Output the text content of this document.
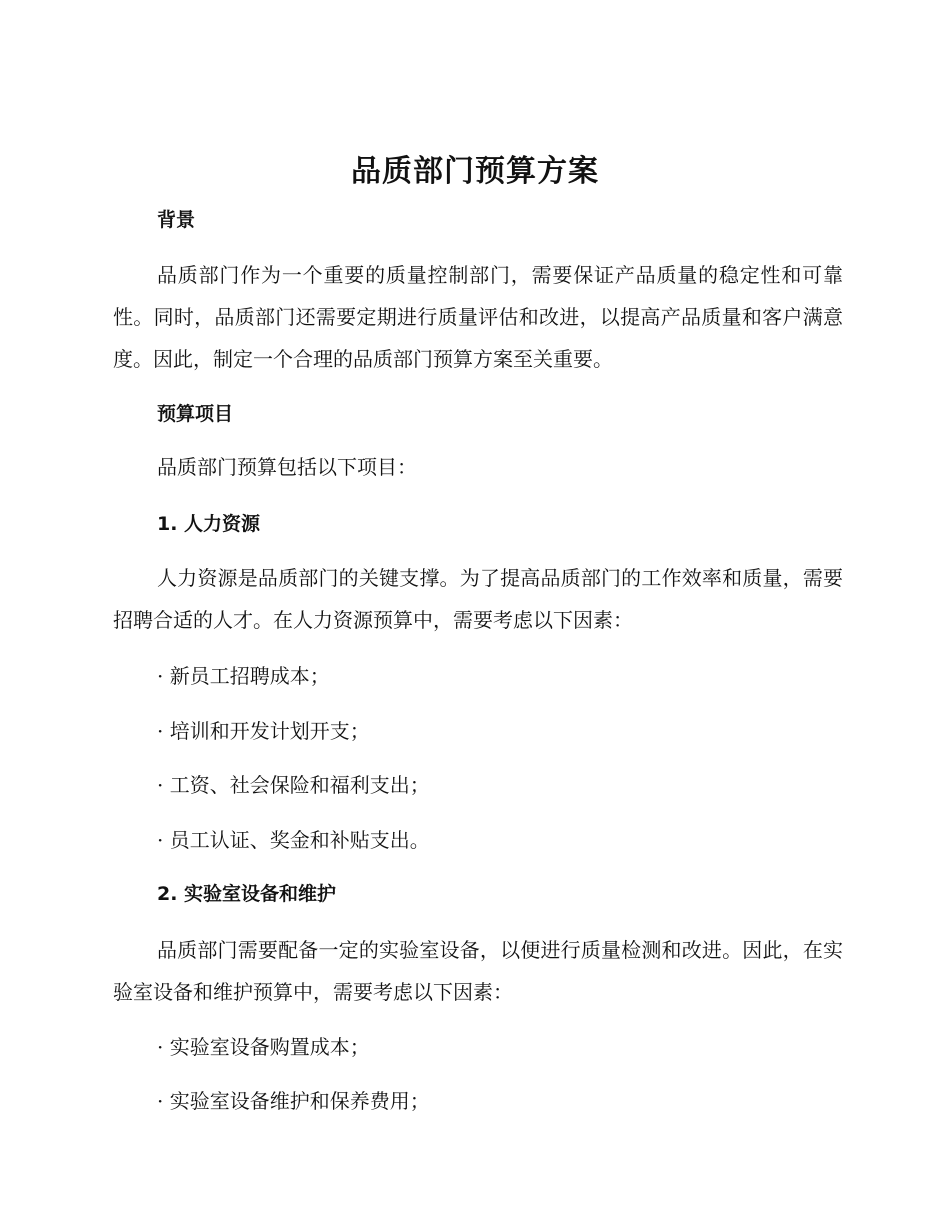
品质部门预算方案
背景
品质部门作为一个重要的质量控制部门，需要保证产品质量的稳定性和可靠性。同时，品质部门还需要定期进行质量评估和改进，以提高产品质量和客户满意度。因此，制定一个合理的品质部门预算方案至关重要。
预算项目
品质部门预算包括以下项目：
1. 人力资源
人力资源是品质部门的关键支撑。为了提高品质部门的工作效率和质量，需要招聘合适的人才。在人力资源预算中，需要考虑以下因素：
· 新员工招聘成本；
· 培训和开发计划开支；
· 工资、社会保险和福利支出；
· 员工认证、奖金和补贴支出。
2. 实验室设备和维护
品质部门需要配备一定的实验室设备，以便进行质量检测和改进。因此，在实验室设备和维护预算中，需要考虑以下因素：
· 实验室设备购置成本；
· 实验室设备维护和保养费用；
